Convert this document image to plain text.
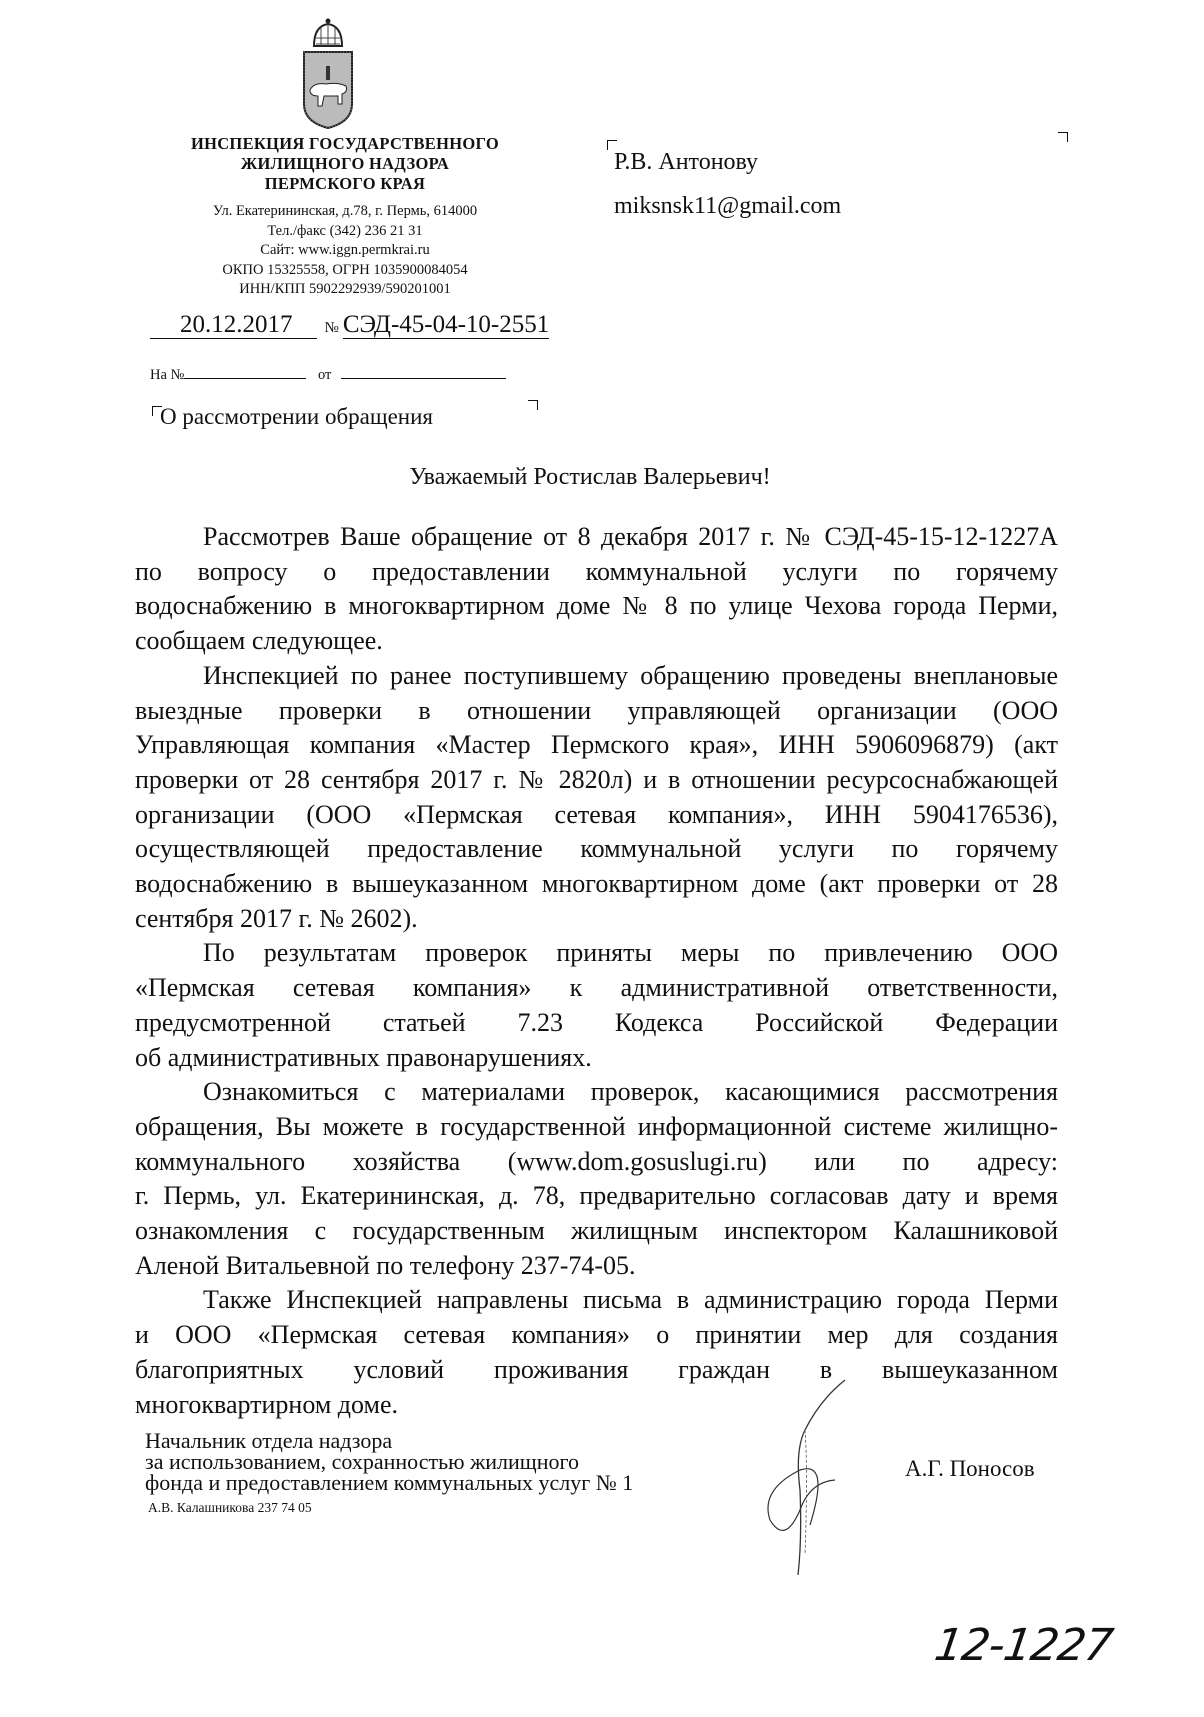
ИНСПЕКЦИЯ ГОСУДАРСТВЕННОГО
ЖИЛИЩНОГО НАДЗОРА
ПЕРМСКОГО КРАЯ
Ул. Екатерининская, д.78, г. Пермь, 614000
Тел./факс (342) 236 21 31
Сайт: www.iggn.permkrai.ru
ОКПО 15325558, ОГРН 1035900084054
ИНН/КПП 5902292939/590201001
20.12.2017 № СЭД-45-04-10-2551
На №	от
О рассмотрении обращения
Р.В. Антонову
miksnsk11@gmail.com
Уважаемый Ростислав Валерьевич!
Рассмотрев Ваше обращение от 8 декабря 2017 г. № СЭД-45-15-12-1227А
по вопросу о предоставлении коммунальной услуги по горячему
водоснабжению в многоквартирном доме № 8 по улице Чехова города Перми,
сообщаем следующее.
Инспекцией по ранее поступившему обращению проведены внеплановые
выездные проверки в отношении управляющей организации (ООО
Управляющая компания «Мастер Пермского края», ИНН 5906096879) (акт
проверки от 28 сентября 2017 г. № 2820л) и в отношении ресурсоснабжающей
организации (ООО «Пермская сетевая компания», ИНН 5904176536),
осуществляющей предоставление коммунальной услуги по горячему
водоснабжению в вышеуказанном многоквартирном доме (акт проверки от 28
сентября 2017 г. № 2602).
По результатам проверок приняты меры по привлечению ООО
«Пермская сетевая компания» к административной ответственности,
предусмотренной статьей 7.23 Кодекса Российской Федерации
об административных правонарушениях.
Ознакомиться с материалами проверок, касающимися рассмотрения
обращения, Вы можете в государственной информационной системе жилищно-
коммунального хозяйства (www.dom.gosuslugi.ru) или по адресу:
г. Пермь, ул. Екатерининская, д. 78, предварительно согласовав дату и время
ознакомления с государственным жилищным инспектором Калашниковой
Аленой Витальевной по телефону 237-74-05.
Также Инспекцией направлены письма в администрацию города Перми
и ООО «Пермская сетевая компания» о принятии мер для создания
благоприятных условий проживания граждан в вышеуказанном
многоквартирном доме.
Начальник отдела надзора
за использованием, сохранностью жилищного
фонда и предоставлением коммунальных услуг № 1
А.В. Калашникова 237 74 05
А.Г. Поносов
12-1227
